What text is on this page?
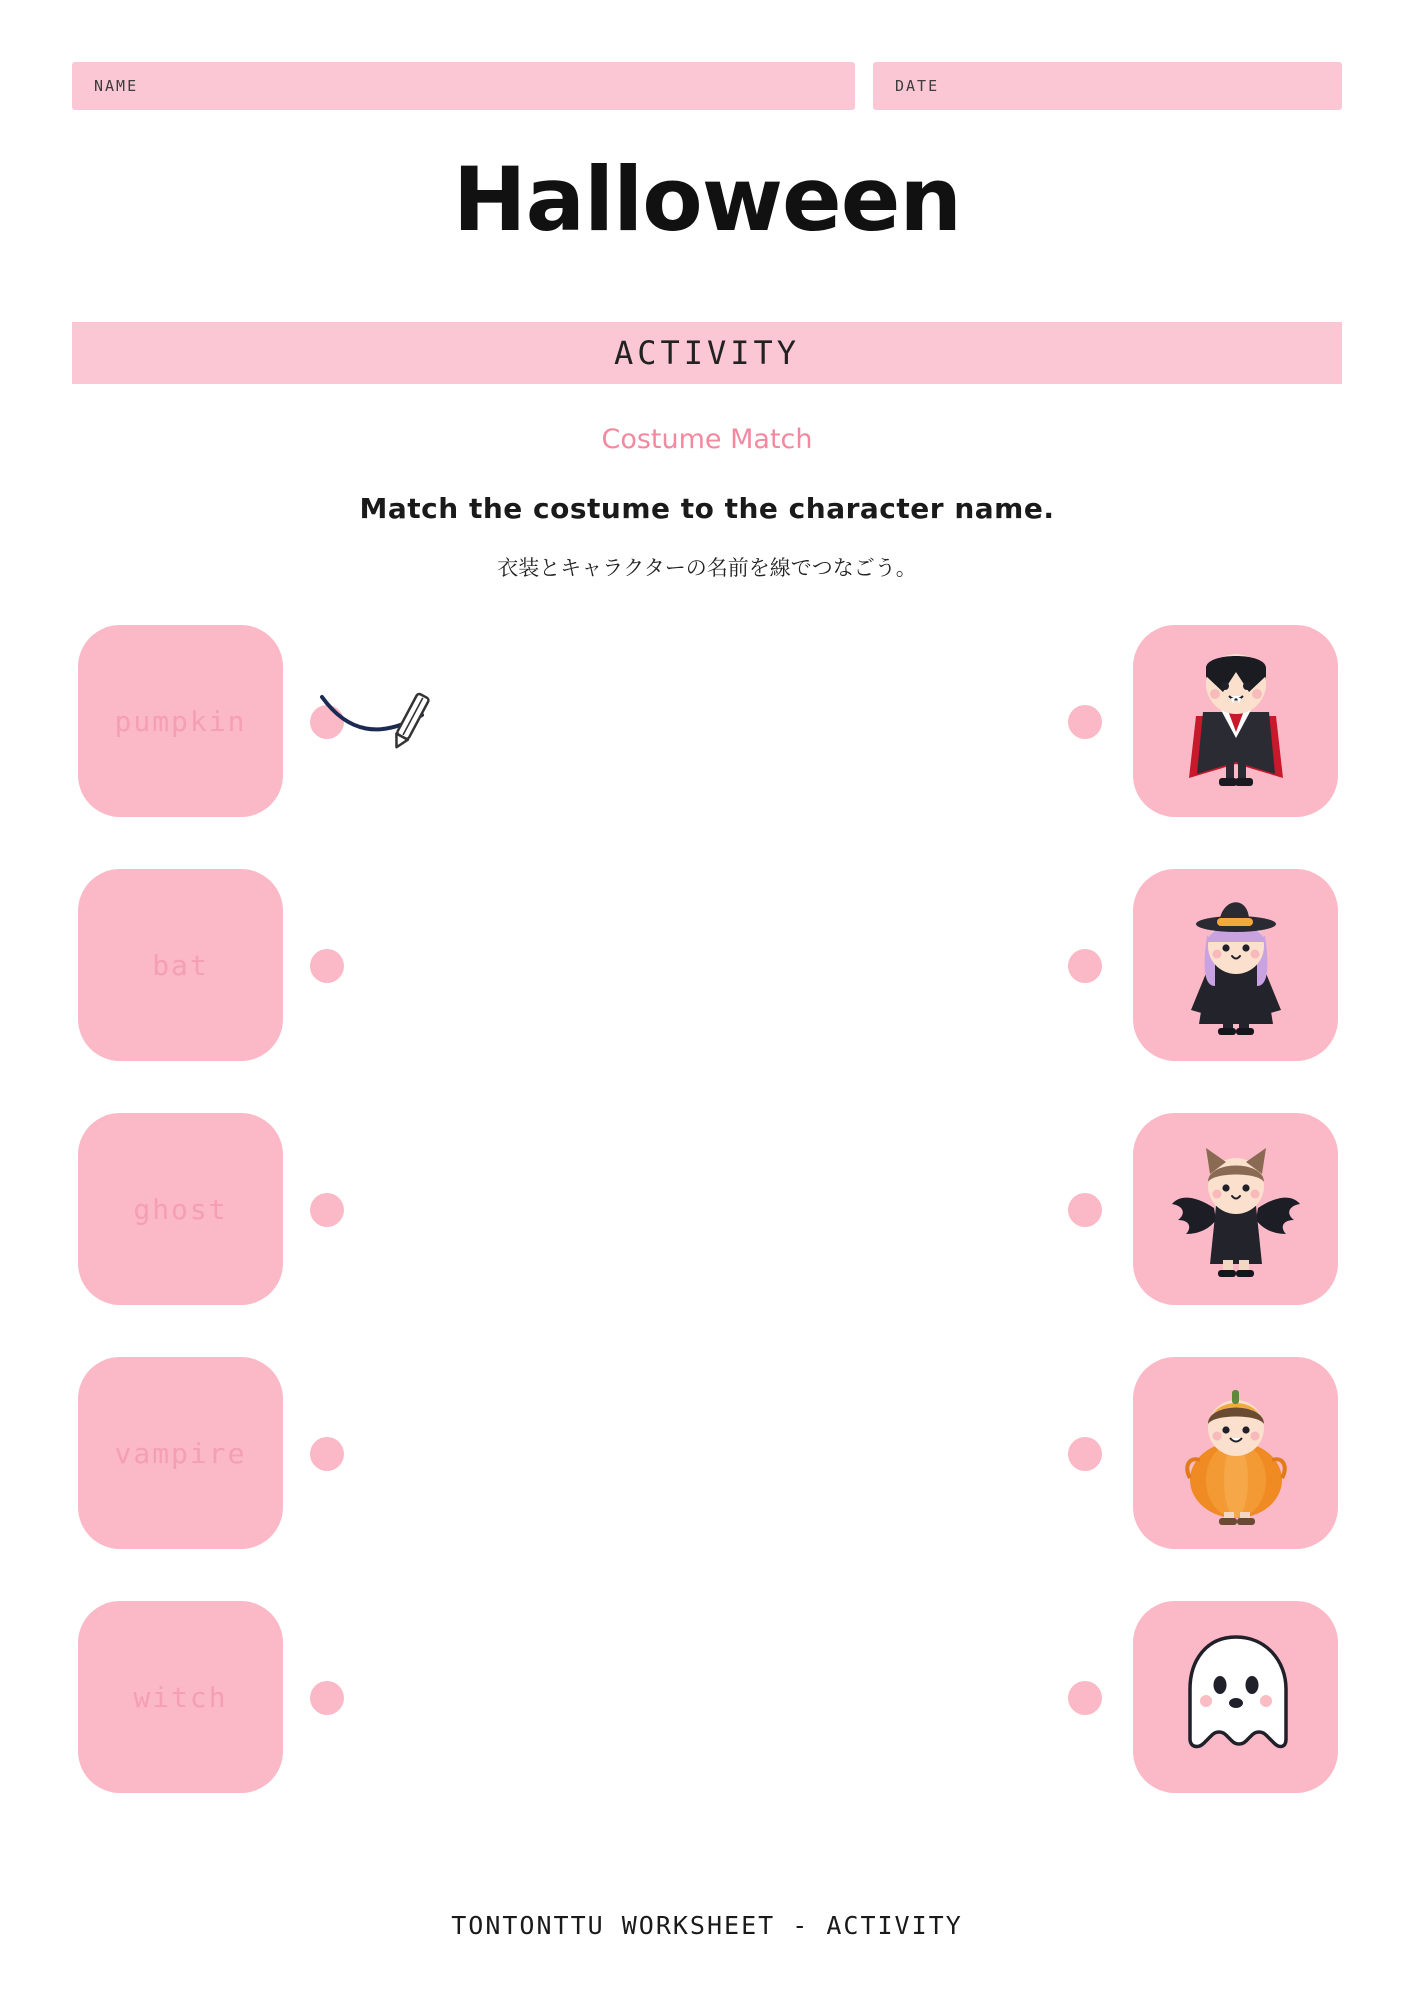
NAME	DATE
Halloween
ACTIVITY
Costume Match
Match the costume to the character name.
衣装とキャラクターの名前を線でつなごう。
pumpkin
bat
ghost
vampire
witch
TONTONTTU WORKSHEET - ACTIVITY
